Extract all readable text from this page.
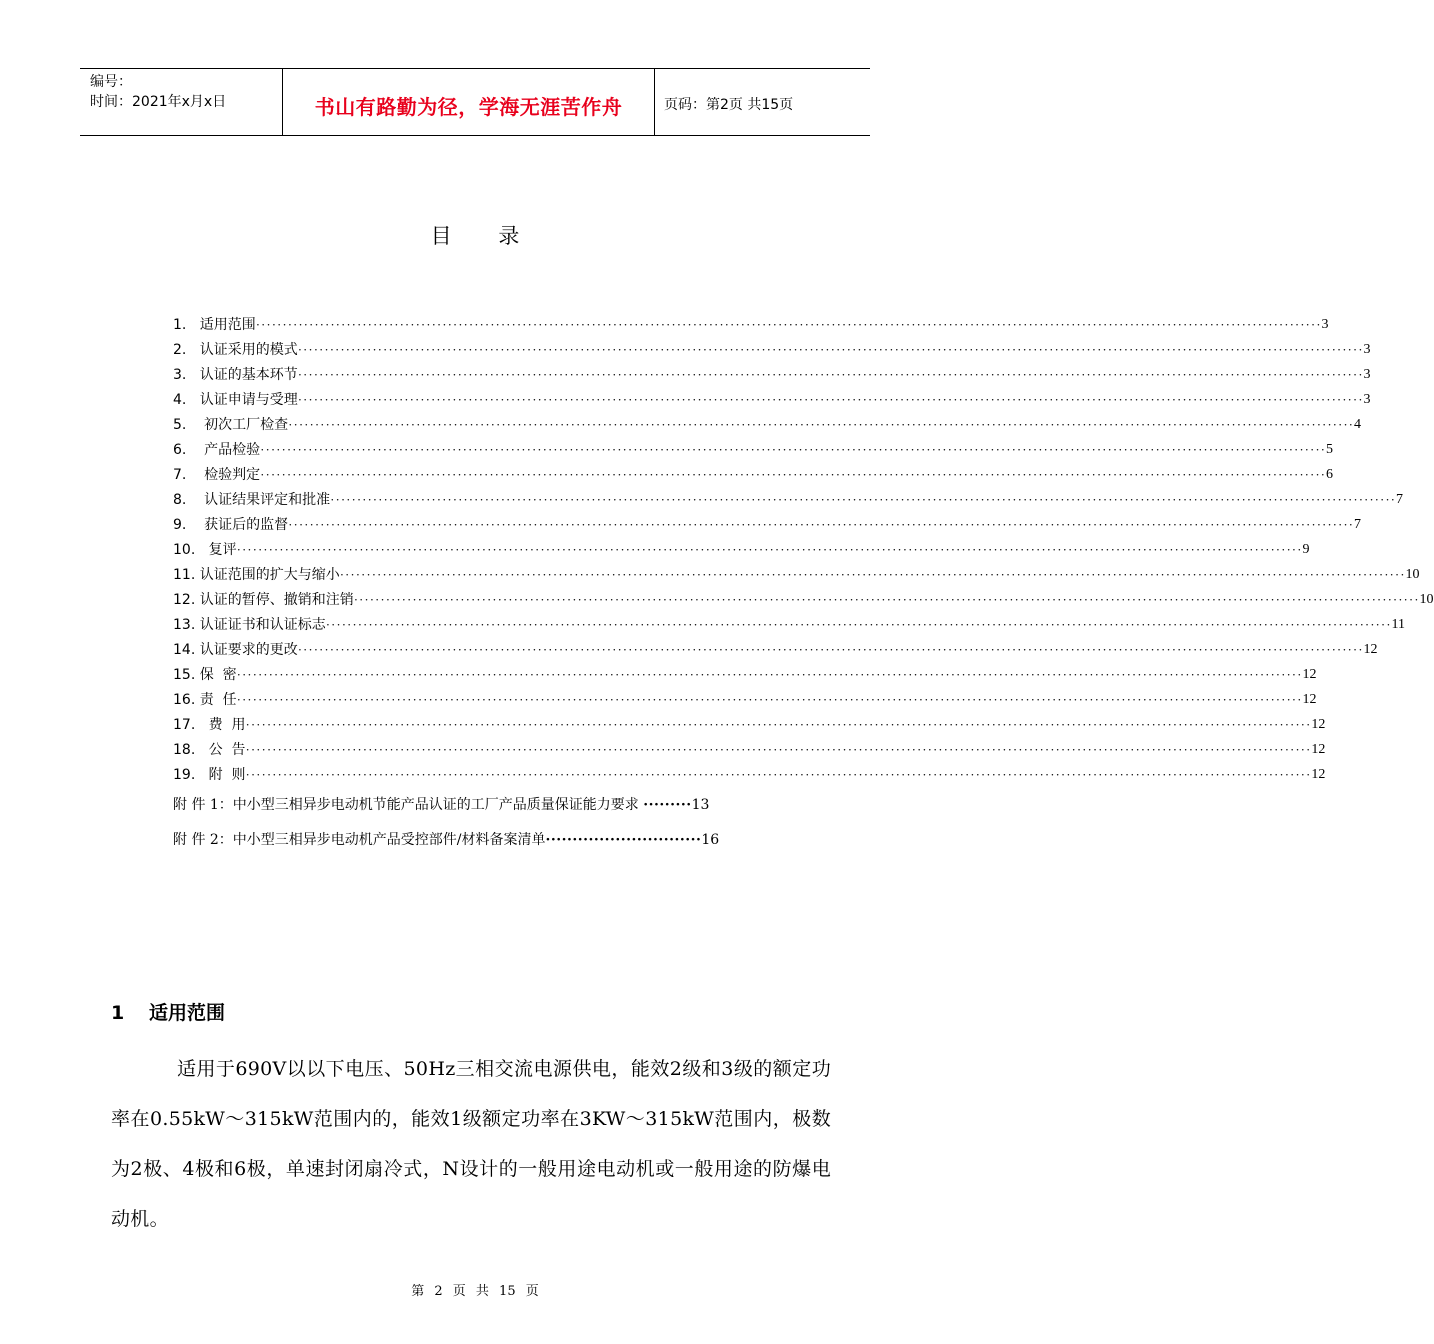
编号：
时间：2021年x月x日	书山有路勤为径，学海无涯苦作舟	页码：第2页 共15页
目 录
1.   适用范围 ········································································································································································································ 3
2.   认证采用的模式 ········································································································································································································ 3
3.   认证的基本环节 ········································································································································································································ 3
4.   认证申请与受理 ········································································································································································································ 3
5.    初次工厂检查 ········································································································································································································ 4
6.    产品检验 ········································································································································································································ 5
7.    检验判定 ········································································································································································································ 6
8.    认证结果评定和批准 ········································································································································································································ 7
9.    获证后的监督 ········································································································································································································ 7
10.   复评 ········································································································································································································ 9
11. 认证范围的扩大与缩小 ········································································································································································································ 10
12. 认证的暂停、撤销和注销 ········································································································································································································ 10
13. 认证证书和认证标志 ········································································································································································································ 11
14. 认证要求的更改 ········································································································································································································ 12
15. 保  密 ········································································································································································································ 12
16. 责  任 ········································································································································································································ 12
17.   费  用 ········································································································································································································ 12
18.   公  告 ········································································································································································································ 12
19.   附  则 ········································································································································································································ 12
附 件 1：中小型三相异步电动机节能产品认证的工厂产品质量保证能力要求 ·········13
附 件 2：中小型三相异步电动机产品受控部件/材料备案清单·····························16
1 适用范围
适用于690V以以下电压、50Hz三相交流电源供电，能效2级和3级的额定功率在0.55kW～315kW范围内的，能效1级额定功率在3KW～315kW范围内，极数为2极、4极和6极，单速封闭扇冷式，N设计的一般用途电动机或一般用途的防爆电动机。
第 2 页 共 15 页
